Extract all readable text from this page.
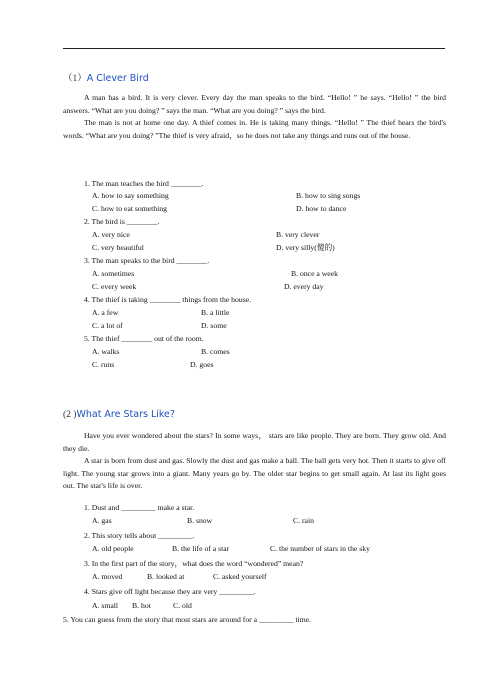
（1）A Clever Bird

A man has a bird. It is very clever. Every day the man speaks to the bird. “Hello! ” he says. “Hello! ” the bird answers. “What are you doing? ” says the man. “What are you doing? ” says the bird.

The man is not at home one day. A thief comes in. He is taking many things. “Hello! ” The thief hears the bird's words. “What are you doing? ”The thief is very afraid，so he does not take any things and runs out of the house.

1. The man teaches the bird ________.
A. how to say something	B. how to sing songs
C. how to eat something	D. how to dance
2. The bird is ________.
A. very nice	B. very clever
C. very beautiful	D. very silly(傻的)
3. The man speaks to the bird ________.
A. sometimes	B. once a week
C. every week	D. every day
4. The thief is taking ________ things from the house.
A. a few	B. a little
C. a lot of	D. some
5. The thief ________ out of the room.
A. walks	B. comes
C. runs	D. goes
(2 )What Are Stars Like?

Have you ever wondered about the stars? In some ways， stars are like people. They are born. They grow old. And they die.

A star is born from dust and gas. Slowly the dust and gas make a ball. The ball gets very hot. Then it starts to give off light. The young star grows into a giant. Many years go by. The older star begins to get small again. At last its light goes out. The star's life is over.

1. Dust and _________ make a star.
A. gas	B. snow	C. rain
2. This story tells about _________.
A. old people	B. the life of a star	C. the number of stars in the sky
3. In the first part of the story，what does the word “wondered” mean?
A. moved	B. looked at	C. asked yourself
4. Stars give off light because they are very _________.
A. small B. hot	C. old
5. You can guess from the story that most stars are around for a _________ time.
